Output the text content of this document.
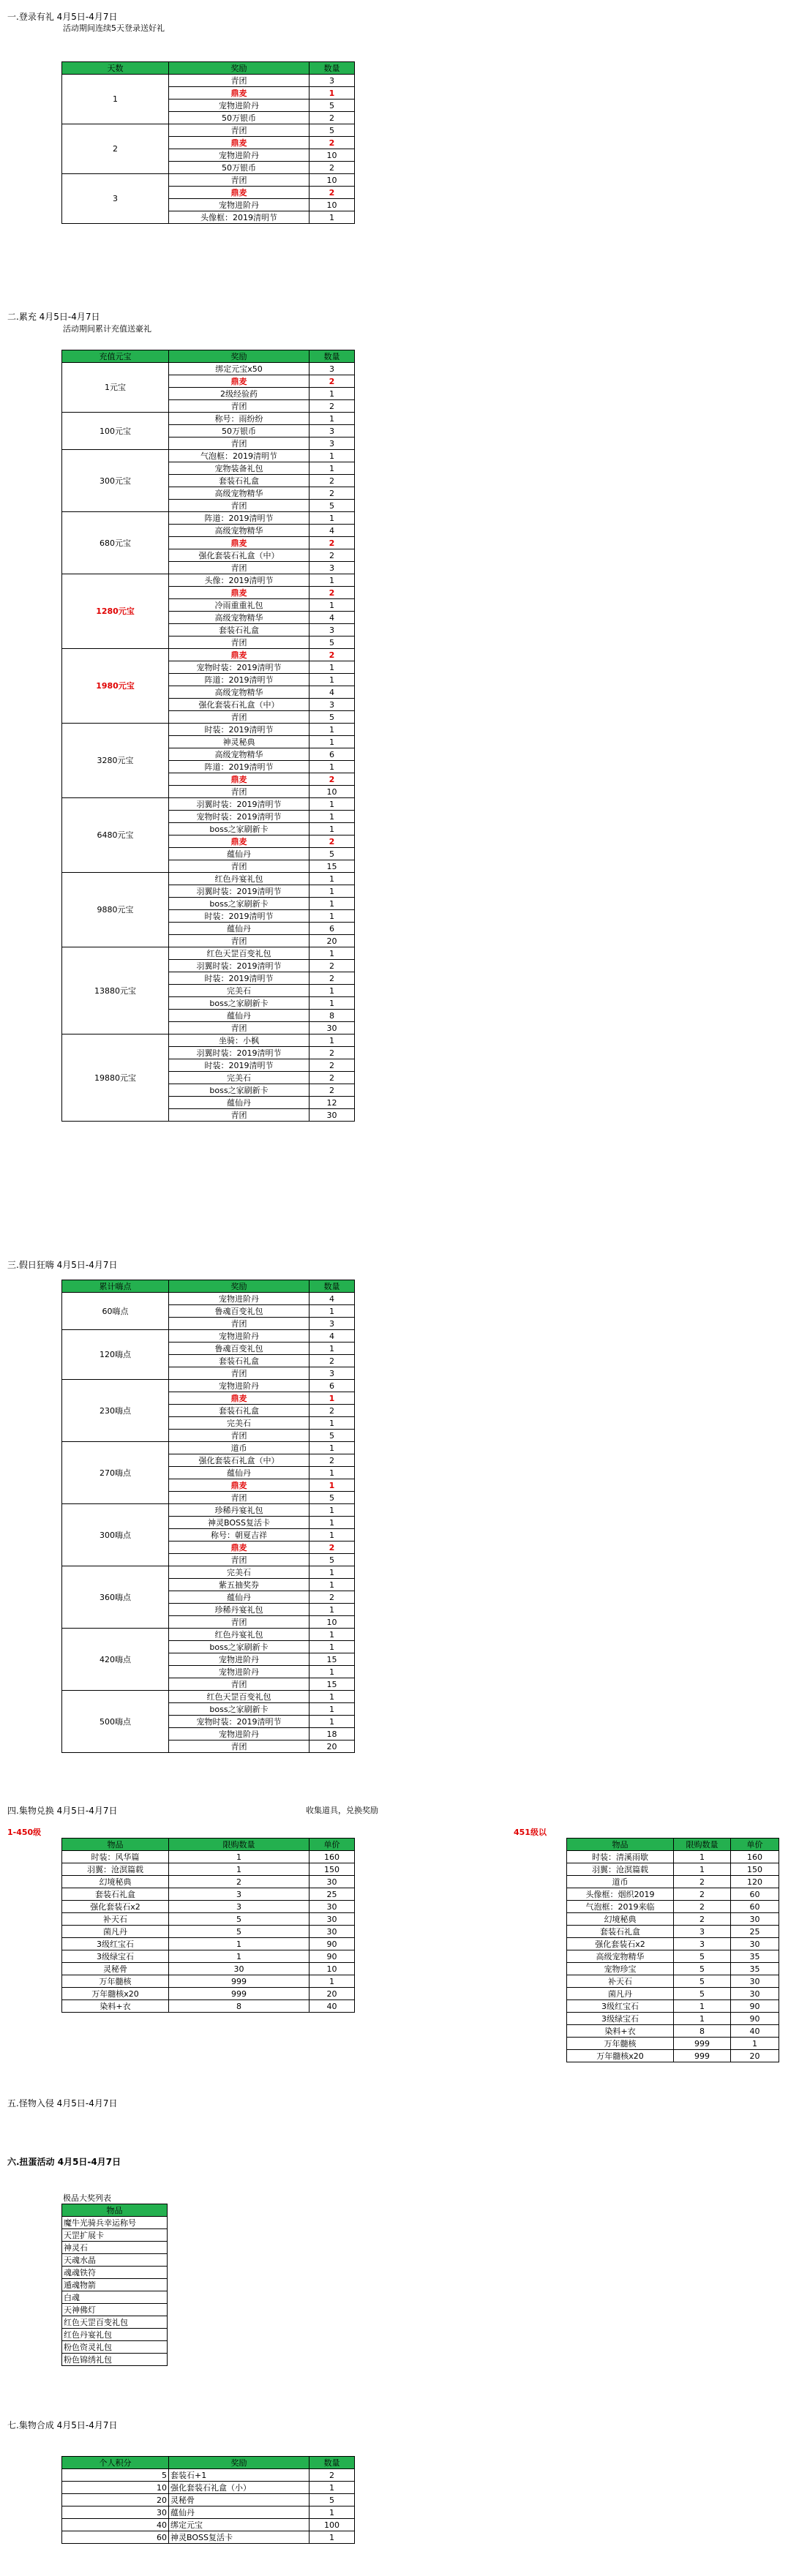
一.登录有礼 4月5日-4月7日
活动期间连续5天登录送好礼
天数	奖励	数量
1	青团	3
	鼎麦	1
	宠物进阶丹	5
	50万银币	2
2	青团	5
	鼎麦	2
	宠物进阶丹	10
	50万银币	2
3	青团	10
	鼎麦	2
	宠物进阶丹	10
	头像框：2019清明节	1
二.累充 4月5日-4月7日
活动期间累计充值送豪礼
充值元宝	奖励	数量
1元宝	绑定元宝x50	3
	鼎麦	2
	2级经验药	1
	青团	2
100元宝	称号：雨纷纷	1
	50万银币	3
	青团	3
300元宝	气泡框：2019清明节	1
	宠物装备礼包	1
	套装石礼盒	2
	高级宠物精华	2
	青团	5
680元宝	阵道：2019清明节	1
	高级宠物精华	4
	鼎麦	2
	强化套装石礼盒（中）	2
	青团	3
1280元宝	头像：2019清明节	1
	鼎麦	2
	冷雨重重礼包	1
	高级宠物精华	4
	套装石礼盒	3
	青团	5
1980元宝	鼎麦	2
	宠物时装：2019清明节	1
	阵道：2019清明节	1
	高级宠物精华	4
	强化套装石礼盒（中）	3
	青团	5
3280元宝	时装：2019清明节	1
	神灵秘典	1
	高级宠物精华	6
	阵道：2019清明节	1
	鼎麦	2
	青团	10
6480元宝	羽翼时装：2019清明节	1
	宠物时装：2019清明节	1
	boss之家刷新卡	1
	鼎麦	2
	蕴仙丹	5
	青团	15
9880元宝	红色丹宴礼包	1
	羽翼时装：2019清明节	1
	boss之家刷新卡	1
	时装：2019清明节	1
	蕴仙丹	6
	青团	20
13880元宝	红色天罡百变礼包	1
	羽翼时装：2019清明节	2
	时装：2019清明节	2
	完美石	1
	boss之家刷新卡	1
	蕴仙丹	8
	青团	30
19880元宝	坐骑：小枫	1
	羽翼时装：2019清明节	2
	时装：2019清明节	2
	完美石	2
	boss之家刷新卡	2
	蕴仙丹	12
	青团	30
三.假日狂嗨 4月5日-4月7日
累计嗨点	奖励	数量
60嗨点	宠物进阶丹	4
	鲁魂百变礼包	1
	青团	3
120嗨点	宠物进阶丹	4
	鲁魂百变礼包	1
	套装石礼盒	2
	青团	3
230嗨点	宠物进阶丹	6
	鼎麦	1
	套装石礼盒	2
	完美石	1
	青团	5
270嗨点	道币	1
	强化套装石礼盒（中）	2
	蕴仙丹	1
	鼎麦	1
	青团	5
300嗨点	珍稀丹宴礼包	1
	神灵BOSS复活卡	1
	称号：朝夏吉祥	1
	鼎麦	2
	青团	5
360嗨点	完美石	1
	紫五抽奖券	1
	蕴仙丹	2
	珍稀丹宴礼包	1
	青团	10
420嗨点	红色丹宴礼包	1
	boss之家刷新卡	1
	宠物进阶丹	15
	宠物进阶丹	1
	青团	15
500嗨点	红色天罡百变礼包	1
	boss之家刷新卡	1
	宠物时装：2019清明节	1
	宠物进阶丹	18
	青团	20
四.集物兑换 4月5日-4月7日	收集道具，兑换奖励
1-450级	451级以
物品	限购数量	单价
时装：风华篇	1	160
羽翼：沧溟篇载	1	150
幻境秘典	2	30
套装石礼盒	3	25
强化套装石x2	3	30
补天石	5	30
菌凡丹	5	30
3级红宝石	1	90
3级绿宝石	1	90
灵秘骨	30	10
万年髓核	999	1
万年髓核x20	999	20
染料+衣	8	40
物品	限购数量	单价
时装：清溪雨歇	1	160
羽翼：沧溟篇载	1	150
道币	2	120
头像框：烟织2019	2	60
气泡框：2019来临	2	60
幻境秘典	2	30
套装石礼盒	3	25
强化套装石x2	3	30
高级宠物精华	5	35
宠物珍宝	5	35
补天石	5	30
菌凡丹	5	30
3级红宝石	1	90
3级绿宝石	1	90
染料+衣	8	40
万年髓核	999	1
万年髓核x20	999	20
五.怪物入侵 4月5日-4月7日
六.扭蛋活动 4月5日-4月7日
极品大奖列表
物品
魔牛光骑兵幸运称号
天罡扩展卡
神灵石
天魂水晶
魂魂铁符
遁魂物箭
白魂
天神佛灯
红色天罡百变礼包
红色丹宴礼包
粉色资灵礼包
粉色锦绣礼包
七.集物合成 4月5日-4月7日
个人积分	奖励	数量
5	套装石+1	2
10	强化套装石礼盒（小）	1
20	灵秘骨	5
30	蕴仙丹	1
40	绑定元宝	100
60	神灵BOSS复活卡	1
